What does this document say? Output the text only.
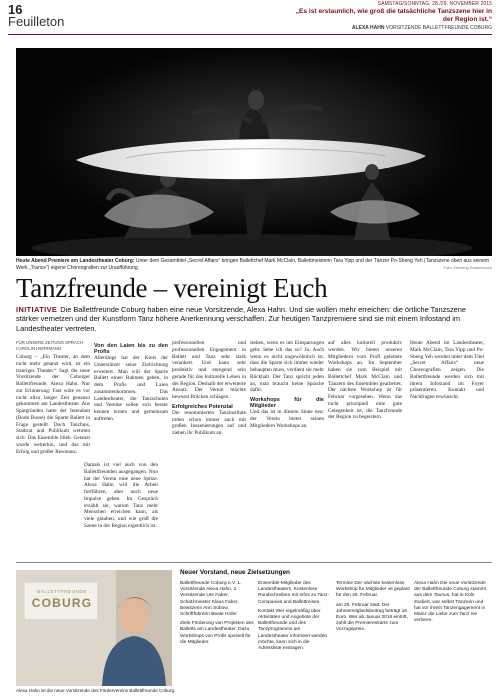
16	SAMSTAG/SONNTAG, 28./29. NOVEMBER 2015
Feuilleton
„Es ist erstaunlich, wie groß die tatsächliche Tanzszene hier in der Region ist.“
ALEXA HAHN VORSITZENDE BALLETTFREUNDE COBURG
Heute Abend Premiere am Landestheater Coburg: Unter dem Gesamttitel „Secret Affairs“ bringen Ballettchef Mark McClain, Ballettmeisterin Tara Yipp und der Tänzer Po-Sheng Yeh (Tanzszene oben aus seinem Werk „Trance“) eigene Choreografien zur Uraufführung.	Foto: Henning Rosenbusch
Tanzfreunde – vereinigt Euch
INITIATIVE Die Ballettfreunde Coburg haben eine neue Vorsitzende, Alexa Hahn. Und sie wollen mehr erreichen: die örtliche Tanzszene stärker vernetzen und der Kunstform Tanz höhere Anerkennung verschaffen. Zur heutigen Tanzpremiere sind sie mit einem Infostand im Landestheater vertreten.
FÜR UNSERE ZEITUNG SPRACH
CAROLIN HERRMANN

Coburg – „Ein Theater, an dem nicht mehr getanzt wird, ist ein trauriges Theater.“ Sagt die neue Vorsitzende der Coburger Ballettfreunde, Alexa Hahn. Nur zur Erinnerung: Fast wäre es vor nicht allzu langer Zeit genauso gekommen am Landestheater. Aus Spargründen hatte der Intendant (Bodo Busse) die Sparte Ballett in Frage gestellt. Doch Tanzfans, Stadtrat und Publikum wehrten sich: Das Ensemble blieb. Getanzt wurde weiterhin, und das mit Erfolg und großer Resonanz.

Damals ist viel auch von den Ballettfreunden ausgegangen. Nun hat der Verein eine neue Spitze. Alexa Hahn will die Arbeit fortführen, aber auch neue Impulse geben. Im Gespräch erzählt sie, warum Tanz mehr Menschen erreichen kann, als viele glauben, und wie groß die Szene in der Region eigentlich ist.

Von den Laien bis zu den Profis

Allerdings hat der Kreis der Unterstützer seine Zielrichtung erweitert. Man will der Sparte Ballett einen Rahmen geben, in dem Profis und Laien zusammenkommen. Das Landestheater, die Tanzschulen und Vereine sollen sich besser kennen lernen und gemeinsam auftreten.

professionellen und professionellen Engagement in Ballett und Tanz sehr stark verankert. Und kann sehr produktiv und anregend sein gerade für das kulturelle Leben in der Region. Deshalb der erweiterte Ansatz. Der Verein möchte bewusst Brücken schlagen.

Erfolgreiches Potenzial

Die renommierten Tanzinstitute treten schon immer auch mit großen Inszenierungen auf und ziehen ihr Publikum an.

stehen, wenn es um Einsparungen geht. Sehe ich das so? Ja. Auch wenn es nicht ungewöhnlich ist, dass die Sparte sich immer wieder behaupten muss, verdient sie mehr Rückhalt. Der Tanz spricht jeden an, man braucht keine Sprache dafür.

Workshops für die Mitglieder

Und das ist in diesem Sinne neu: der Verein bietet seinen Mitgliedern Workshops an.

auf alles kulturell produktiv werden. Wir bieten unseren Mitgliedern vom Profi geleitete Workshops an. Im September haben sie zum Beispiel mit Ballettchef Mark McClain und Tänzern des Ensembles gearbeitet. Der nächste Workshop ist für Februar vorgesehen. Wenn das nicht prinzipiell eine gute Gelegenheit ist, die Tanzfreunde der Region zu begeistern.

Heute Abend im Landestheater, Mark McClain, Tara Yipp und Po-Sheng Yeh werden unter dem Titel „Secret Affairs“ neue Choreografien zeigen. Die Ballettfreunde werden sich mit ihrem Infostand im Foyer präsentieren. Kontakt und Nachfragen erwünscht.

BALLETTFREUNDE
COBURG
Alexa Hahn ist die neue Vorsitzende des Fördervereins Ballettfreunde Coburg.
Neuer Vorstand, neue Zielsetzungen

Ballettfreunde Coburg e.V. 1. Vorsitzende Alexa Hahn, 2. Vorsitzende Ute Faber, Schatzmeister Klaus Faber, Beisitzerin Ann Sobow, Schriftführerin Beate Hofer.

Ziele Förderung von Projekten des Balletts am Landestheater. Dazu Workshops von Profis speziell für die Mitglieder.

Ensemble-Mitglieder des Landestheaters. Kostenlose Rundschreiben mit Infos zu Tanz-Companies und Ballettreisen.

Kontakt Wer regelmäßig über Aktivitäten und Angebote der Ballettfreunde und des Tanzprogramms am Landestheater informiert werden möchte, kann sich in die Adressliste eintragen.

Termine Der nächste kostenlose Workshop für Mitglieder ist geplant für den 26. Februar.

am 26. Februar statt. Der Jahresmitgliedsbeitrag beträgt 18 Euro. Wer ab Januar 2016 eintritt, zahlt die Premierenkarte zum Vorzugspreis.

Alexa Hahn Die neue Vorsitzende der Ballettfreunde Coburg stammt aus dem Taunus, hat in Köln studiert, war selbst Tänzerin und hat vor ihrem Tanzengagement in Mainz die Liebe zum Tanz nie verloren.
